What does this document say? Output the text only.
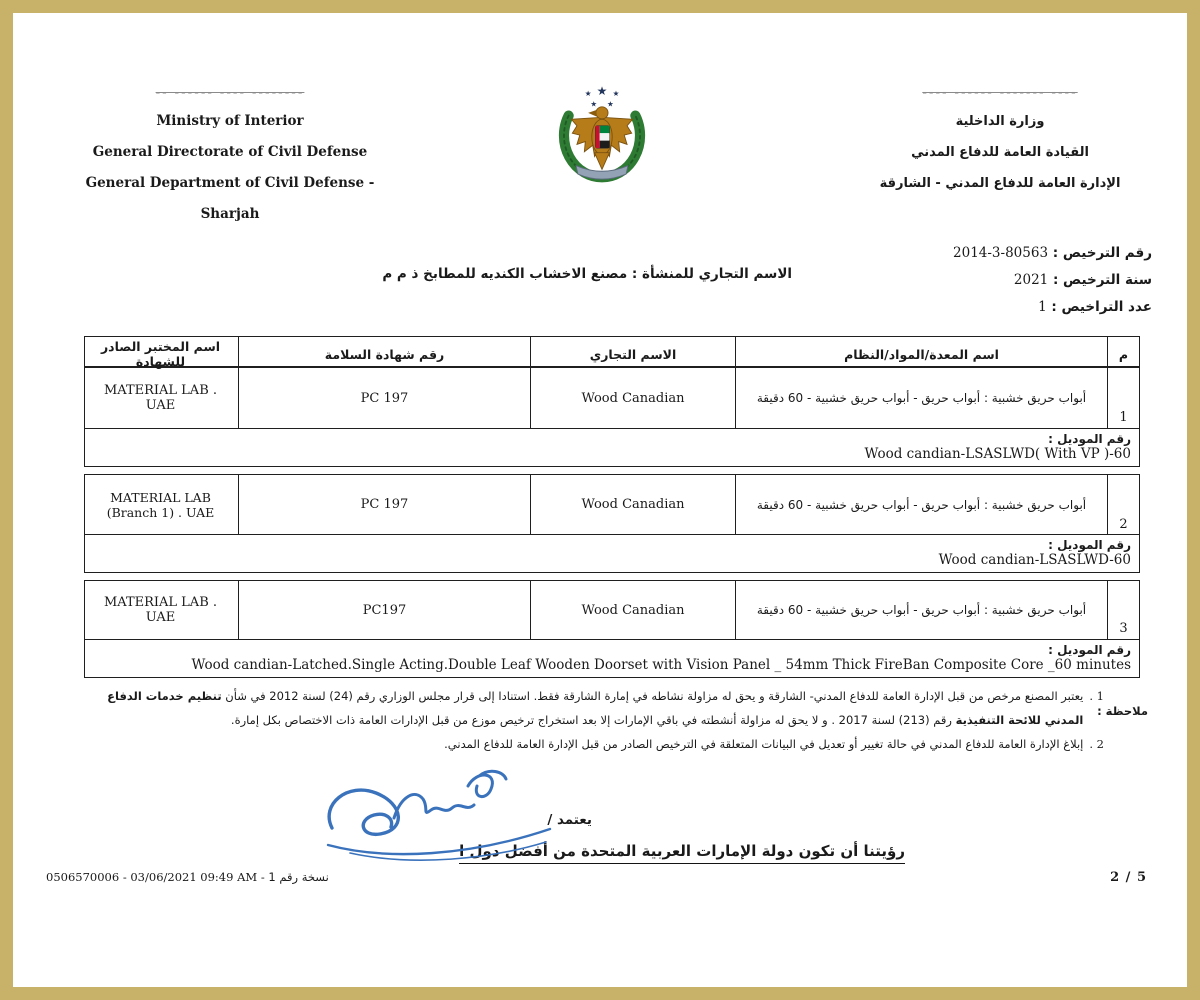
-- ------ ---- --------
Ministry of Interior
General Directorate of Civil Defense
General Department of Civil Defense - Sharjah
★
★	★
★ ★
---- ------- ------ ----
وزارة الداخلية
القيادة العامة للدفاع المدني
الإدارة العامة للدفاع المدني - الشارقة
رقم الترخيص : 2014-3-80563
سنة الترخيص : 2021
عدد التراخيص : 1
الاسم التجاري للمنشأة : مصنع الاخشاب الكنديه للمطابخ ذ م م
م
اسم المعدة/المواد/النظام
الاسم التجاري
رقم شهادة السلامة
اسم المختبر الصادر للشهادة
1
أبواب حريق خشبية : أبواب حريق - أبواب حريق خشبية - 60 دقيقة
Wood Canadian
PC 197
MATERIAL LAB . UAE
رقم الموديل :
Wood candian-LSASLWD( With VP )-60
2
أبواب حريق خشبية : أبواب حريق - أبواب حريق خشبية - 60 دقيقة
Wood Canadian
PC 197
MATERIAL LAB (Branch 1) . UAE
رقم الموديل :
Wood candian-LSASLWD-60
3
أبواب حريق خشبية : أبواب حريق - أبواب حريق خشبية - 60 دقيقة
Wood Canadian
PC197
MATERIAL LAB . UAE
رقم الموديل :
Wood candian-Latched.Single Acting.Double Leaf Wooden Doorset with Vision Panel _ 54mm Thick FireBan Composite Core _60 minutes
ملاحظة :
1 .
يعتبر المصنع مرخص من قبل الإدارة العامة للدفاع المدني- الشارقة و يحق له مزاولة نشاطه في إمارة الشارقة فقط. استنادا إلى قرار مجلس الوزاري رقم (24) لسنة 2012 في شأن تنظيم خدمات الدفاع المدني للائحة التنفيذية رقم (213) لسنة 2017 . و لا يحق له مزاولة أنشطته في باقي الإمارات إلا بعد استخراج ترخيص موزع من قبل الإدارات العامة ذات الاختصاص بكل إمارة.
2 .
إبلاغ الإدارة العامة للدفاع المدني في حالة تغيير أو تعديل في البيانات المتعلقة في الترخيص الصادر من قبل الإدارة العامة للدفاع المدني.
يعتمد /
رؤيتنا أن تكون دولة الإمارات العربية المتحدة من أفضل دول ا
0506570006 - 03/06/2021 09:49 AM - نسخة رقم 1	2 / 5
